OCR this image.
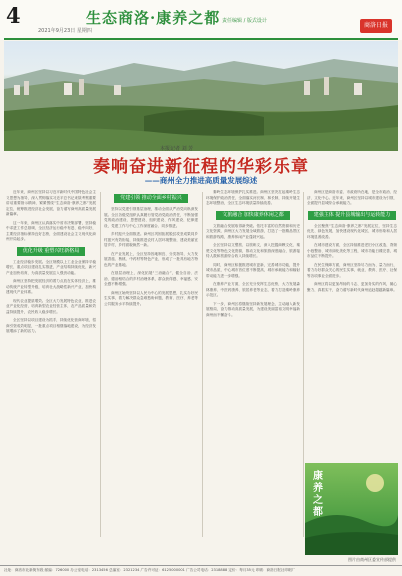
4
2021年9月23日 星期四
生态商洛·康养之都 责任编辑 / 版式设计
商洛日报
本报记者 刘 芳
奏响奋进新征程的华彩乐章
——商州全力推进高质量发展综述

近年来，商州区坚持以习近平新时代中国特色社会主义思想为指导，深入贯彻落实习近平总书记来陕考察重要讲话重要指示精神，紧紧围绕“生态商洛·康养之都”发展定位，统筹推进经济社会发展，奋力谱写商州高质量发展新篇章。

这一年来，商州区认真落实中省市决策部署，坚持稳中求进工作总基调，全区经济运行稳中有进、稳中向好，主要经济指标保持良好态势，全面建设社会主义现代化商州开局起步。

优化升级 重塑兴旺新格局

工业经济稳步发展。全区规模以上工业企业保持平稳增长，重点项目建设扎实推进，产业结构持续优化，新兴产业加快培育，为高质量发展注入强劲动能。

商州区坚持把发展经济的着力点放在实体经济上，推动传统产业转型升级，培育壮大战略性新兴产业，加快构建现代产业体系。

现代农业提质增效。全区大力发展特色农业，推进农业产业化经营，培育新型农业经营主体，农产品质量和效益持续提升，农民收入稳步增长。

全区坚持以项目建设为抓手，持续优化营商环境，招商引资成效明显，一批重点项目相继落地建设，为经济发展增添了新的活力。

党建引领 推动全面乡村振兴

坚持以党建引领基层治理，推动全面从严治党向纵深发展。全区各级党组织认真履行管党治党政治责任，不断加强党的政治建设、思想建设、组织建设、作风建设、纪律建设，党建工作与中心工作深度融合、同步推进。

乡村振兴全面推进。商州区巩固拓展脱贫攻坚成果同乡村振兴有效衔接，持续推进农村人居环境整治，建设美丽宜居乡村，乡村面貌焕然一新。

在产业发展上，全区坚持因地制宜、分类指导，大力发展香菇、核桃、中药材等特色产业，形成了一批具有地方特色的产业基地。

在基层治理上，深化拓展“三治融合”，健全自治、法治、德治相结合的乡村治理体系，群众获得感、幸福感、安全感不断增强。

商州区始终坚持以人民为中心的发展思想，扎实办好民生实事，着力解决群众急难愁盼问题，教育、医疗、养老等公共服务水平持续提升。

秦岭生态环境保护扎实推进。商州区坚决扛起秦岭生态环境保护政治责任，全面落实河长制、林长制，持续开展生态环境整治，全区生态环境质量持续改善。

文旅融合 加快康养休闲之都

文旅融合发展取得新突破。依托丰富的自然资源和历史文化资源，商州区大力发展全域旅游，打造了一批精品景区和旅游线路，康养休闲产业蓬勃兴起。

全区坚持以文塑旅、以旅彰文，深入挖掘商鞅文化、秦楚文化等特色文化资源，推动文化和旅游深度融合，旅游接待人数和旅游综合收入持续增长。

同时，商州区积极推进城市更新，完善城市功能，提升城市品质，中心城市首位度不断提高，城市承载能力和辐射带动能力进一步增强。

在康养产业方面，全区充分发挥生态优势，大力发展森林康养、中医药康养、旅居养老等业态，着力打造秦岭康养示范区。

下一步，商州区将继续坚持新发展理念，主动融入新发展格局，奋力推动高质量发展，为建设美丽富裕文明幸福新商州而不懈奋斗。

商州区是商洛市委、市政府所在地，是全市政治、经济、文化中心。近年来，商州区坚持以城市建设为引领，全面提升县城综合承载能力。

建强主体 提升县城输出与运转能力

全区聚焦“生态商洛·康养之都”发展定位，坚持生态优先、绿色发展，加快建设现代化城区，城市形象和人居环境显著改善。

在城市建设方面，全区持续推进老旧小区改造、背街小巷整治、城市绿化美化等工程，城市功能日臻完善，城市品位不断提升。

在民生保障方面，商州区坚持尽力而为、量力而行，着力办好群众关心的民生实事，就业、教育、医疗、社保等各项事业全面进步。

商州区将以更加昂扬的斗志、更加务实的作风，凝心聚力、真抓实干，奋力谱写新时代商州追赶超越新篇章。

康养之都
图片由商州区委宣传部提供
社址：商洛市北新街东段 邮编：726000 办公室电话：2313456 总编室：2321234 广告许可证：6125000001 广告公司电话：2318888 定价：每月35元 印刷：商洛日报社印刷厂
